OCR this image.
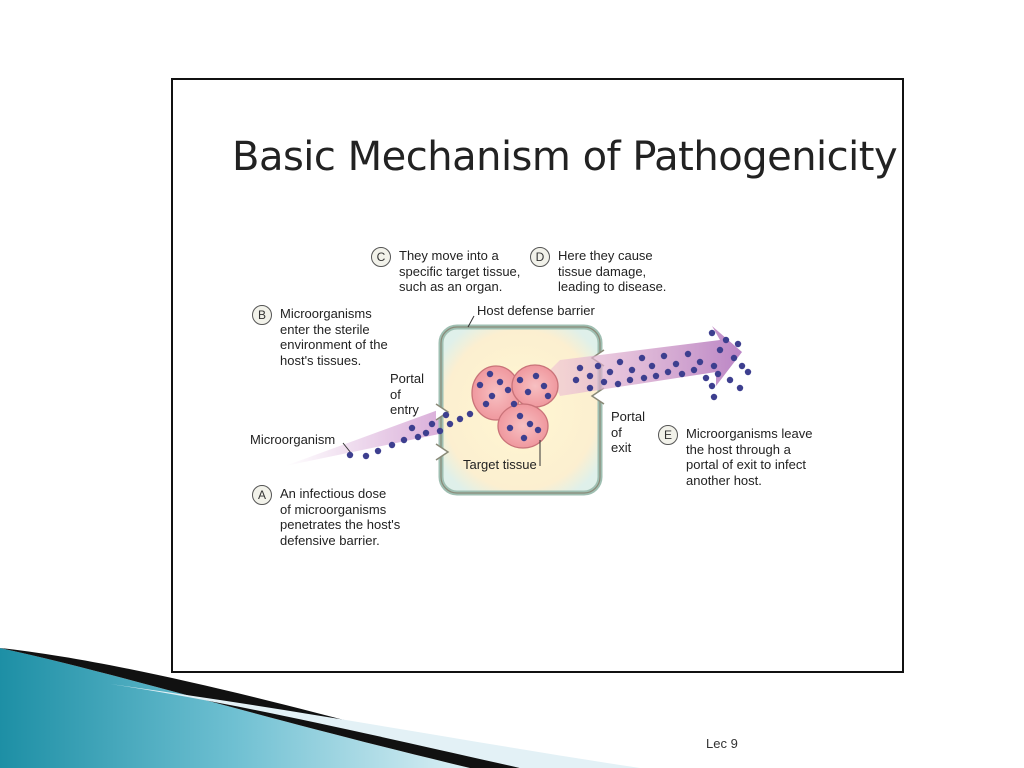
Basic Mechanism of Pathogenicity
C	They move into a
specific target tissue,
such as an organ.
D	Here they cause
tissue damage,
leading to disease.
B	Microorganisms
enter the sterile
environment of the
host's tissues.
A	An infectious dose
of microorganisms
penetrates the host's
defensive barrier.
E	Microorganisms leave
the host through a
portal of exit to infect
another host.
Host defense barrier
Portal
of
entry	Portal
of
exit
Microorganism
Target tissue
Lec 9
